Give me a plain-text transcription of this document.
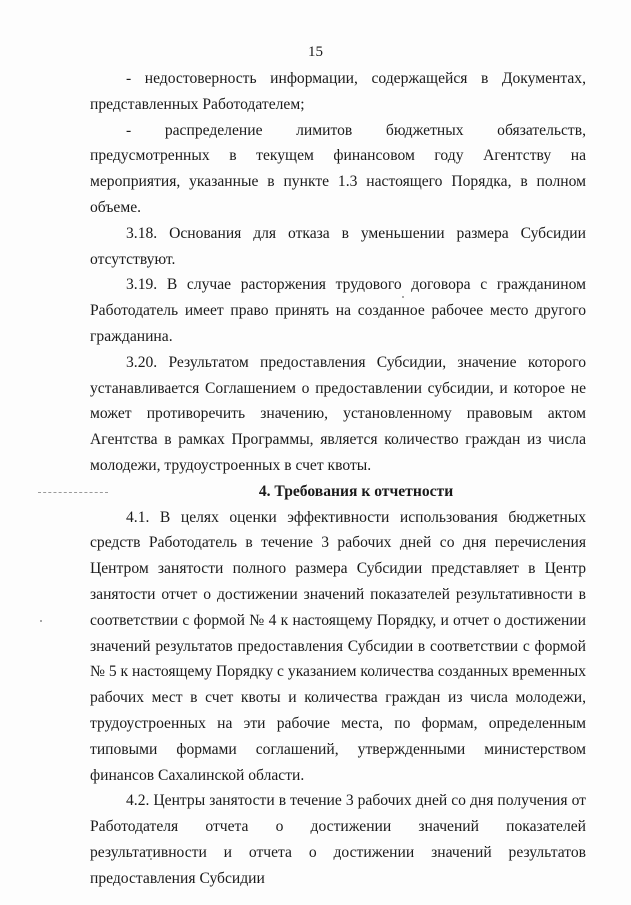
15

- недостоверность информации, содержащейся в Документах, представленных Работодателем;

- распределение лимитов бюджетных обязательств, предусмотренных в текущем финансовом году Агентству на мероприятия, указанные в пункте 1.3 настоящего Порядка, в полном объеме.

3.18. Основания для отказа в уменьшении размера Субсидии отсутствуют.

3.19. В случае расторжения трудового договора с гражданином Работодатель имеет право принять на созданное рабочее место другого гражданина.

3.20. Результатом предоставления Субсидии, значение которого устанавливается Соглашением о предоставлении субсидии, и которое не может противоречить значению, установленному правовым актом Агентства в рамках Программы, является количество граждан из числа молодежи, трудоустроенных в счет квоты.

4. Требования к отчетности

4.1. В целях оценки эффективности использования бюджетных средств Работодатель в течение 3 рабочих дней со дня перечисления Центром занятости полного размера Субсидии представляет в Центр занятости отчет о достижении значений показателей результативности в соответствии с формой № 4 к настоящему Порядку, и отчет о достижении значений результатов предоставления Субсидии в соответствии с формой № 5 к настоящему Порядку с указанием количества созданных временных рабочих мест в счет квоты и количества граждан из числа молодежи, трудоустроенных на эти рабочие места, по формам, определенным типовыми формами соглашений, утвержденными министерством финансов Сахалинской области.

4.2. Центры занятости в течение 3 рабочих дней со дня получения от Работодателя отчета о достижении значений показателей результативности и отчета о достижении значений результатов предоставления Субсидии
